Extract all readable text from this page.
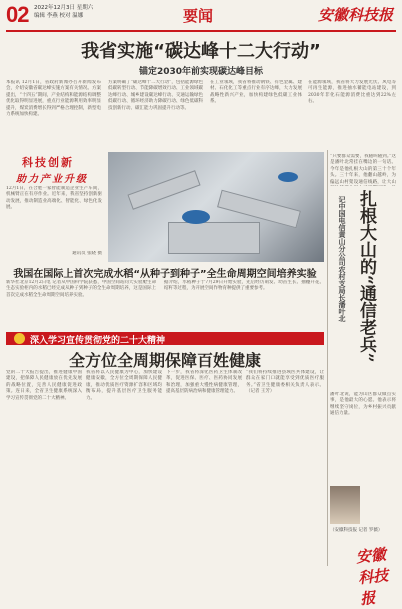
02 2022年12月3日 星期六
编辑 李燕 校对 温娜	要闻	安徽科技报
我省实施“碳达峰十二大行动”
锚定2030年前实现碳达峰目标
本报讯 12月1日，省政府新闻办召开新闻发布会，介绍安徽省碳达峰实施方案有关情况。方案提出，“十四五”期间，产业结构和能源结构调整优化取得明显进展，重点行业能源利用效率明显提升，煤炭消费增长得到严格合理控制，新型电力系统加快构建。
方案明确了“碳达峰十二大行动”，包括能源绿色低碳转型行动、节能降碳增效行动、工业领域碳达峰行动、城乡建设碳达峰行动、交通运输绿色低碳行动、循环经济助力降碳行动、绿色低碳科技创新行动、碳汇能力巩固提升行动等。
在工业领域，我省将推动钢铁、有色金属、建材、石化化工等重点行业有序达峰，大力发展战略性新兴产业，加快构建绿色低碳工业体系。
在能源领域，我省将大力发展光伏、风电等可再生能源，推进抽水蓄能电站建设，到2030年非化石能源消费比重达到22%左右。
科技创新
助力产业升级
12月1日，在合肥一家智能制造企业生产车间，机械臂正在有序作业。近年来，我省坚持创新驱动发展，推动制造业高端化、智能化、绿色化发展。
通讯员 张晓 摄
我国在国际上首次完成水稻“从种子到种子”全生命周期空间培养实验
新华社北京12月2日电 记者从中国科学院获悉，中国空间站问天实验舱生命生态实验柜内的水稻已经完成从种子到种子的全生命周期培养，这是国际上首次完成水稻全生命周期空间培养实验。
据介绍，水稻种子于7月29日开始实验，先后经历萌发、幼苗生长、抽穗开花、结籽等过程，为开展空间作物育种提供了重要参考。
深入学习宣传贯彻党的二十大精神
全方位全周期保障百姓健康
党的二十大报告提出，推进健康中国建设，把保障人民健康放在优先发展的战略位置，完善人民健康促进政策。连日来，全省卫生健康系统深入学习宣传贯彻党的二十大精神。
我省将以人民健康为中心，加快建设健康安徽，全方位全周期保障人民健康，推动优质医疗资源扩容和区域均衡布局，提升基层医疗卫生服务能力。
下一步，我省将深化医药卫生体制改革，促进医保、医疗、医药协同发展和治理，加强重大慢性病健康管理，提高基层防病治病和健康管理能力。
“我们将持续推进县域医共体建设，让群众在家门口就能享受到优质医疗服务。”省卫生健康委相关负责人表示。（记者 王芳）
“只要群众需要，我随叫随到。”这是潘叶北常挂在嘴边的一句话。今年是他扎根大山的第三十个年头。三十年来，他翻山越岭，为偏远山村架设通信线路，让大山
扎根大山的“通信老兵”
记中国电信黄山分公司农村支局长潘叶北
潘叶北说，能为山区群众做点实事，是他最大的心愿。他表示将继续坚守岗位，为乡村振兴贡献通信力量。
（安徽科技报 记者 罗薇）
安徽科技报
